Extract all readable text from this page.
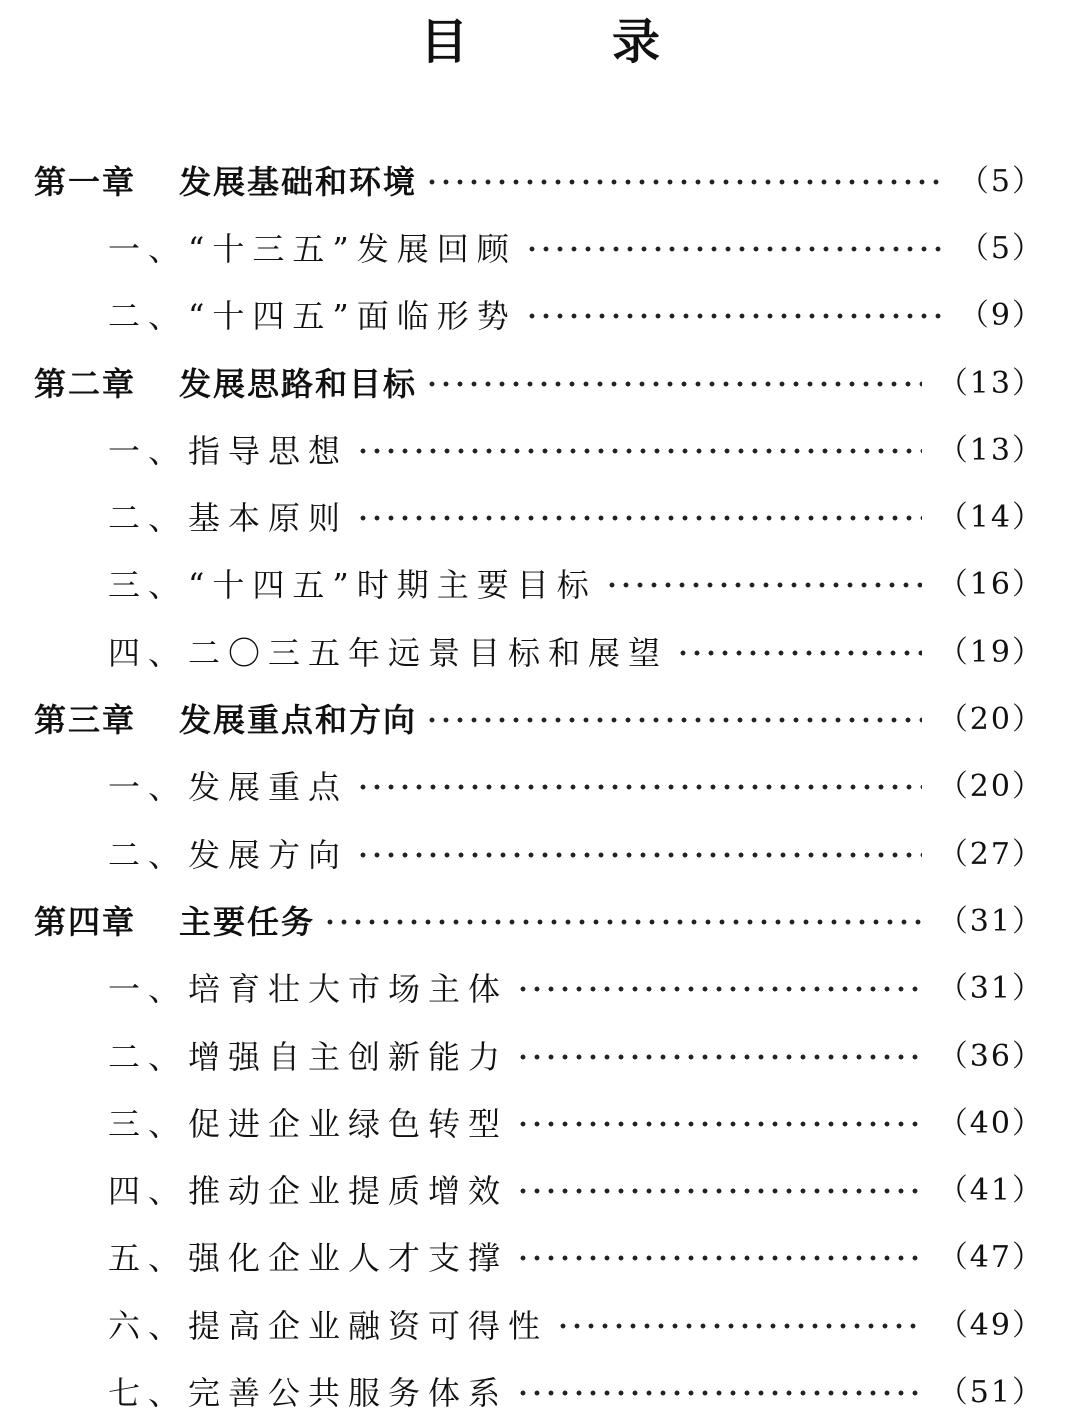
目　录
第一章 发展基础和环境	（5）
一、“十三五”发展回顾	（5）
二、“十四五”面临形势	（9）
第二章 发展思路和目标	（13）
一、指导思想	（13）
二、基本原则	（14）
三、“十四五”时期主要目标	（16）
四、二〇三五年远景目标和展望	（19）
第三章 发展重点和方向	（20）
一、发展重点	（20）
二、发展方向	（27）
第四章 主要任务	（31）
一、培育壮大市场主体	（31）
二、增强自主创新能力	（36）
三、促进企业绿色转型	（40）
四、推动企业提质增效	（41）
五、强化企业人才支撑	（47）
六、提高企业融资可得性	（49）
七、完善公共服务体系	（51）
